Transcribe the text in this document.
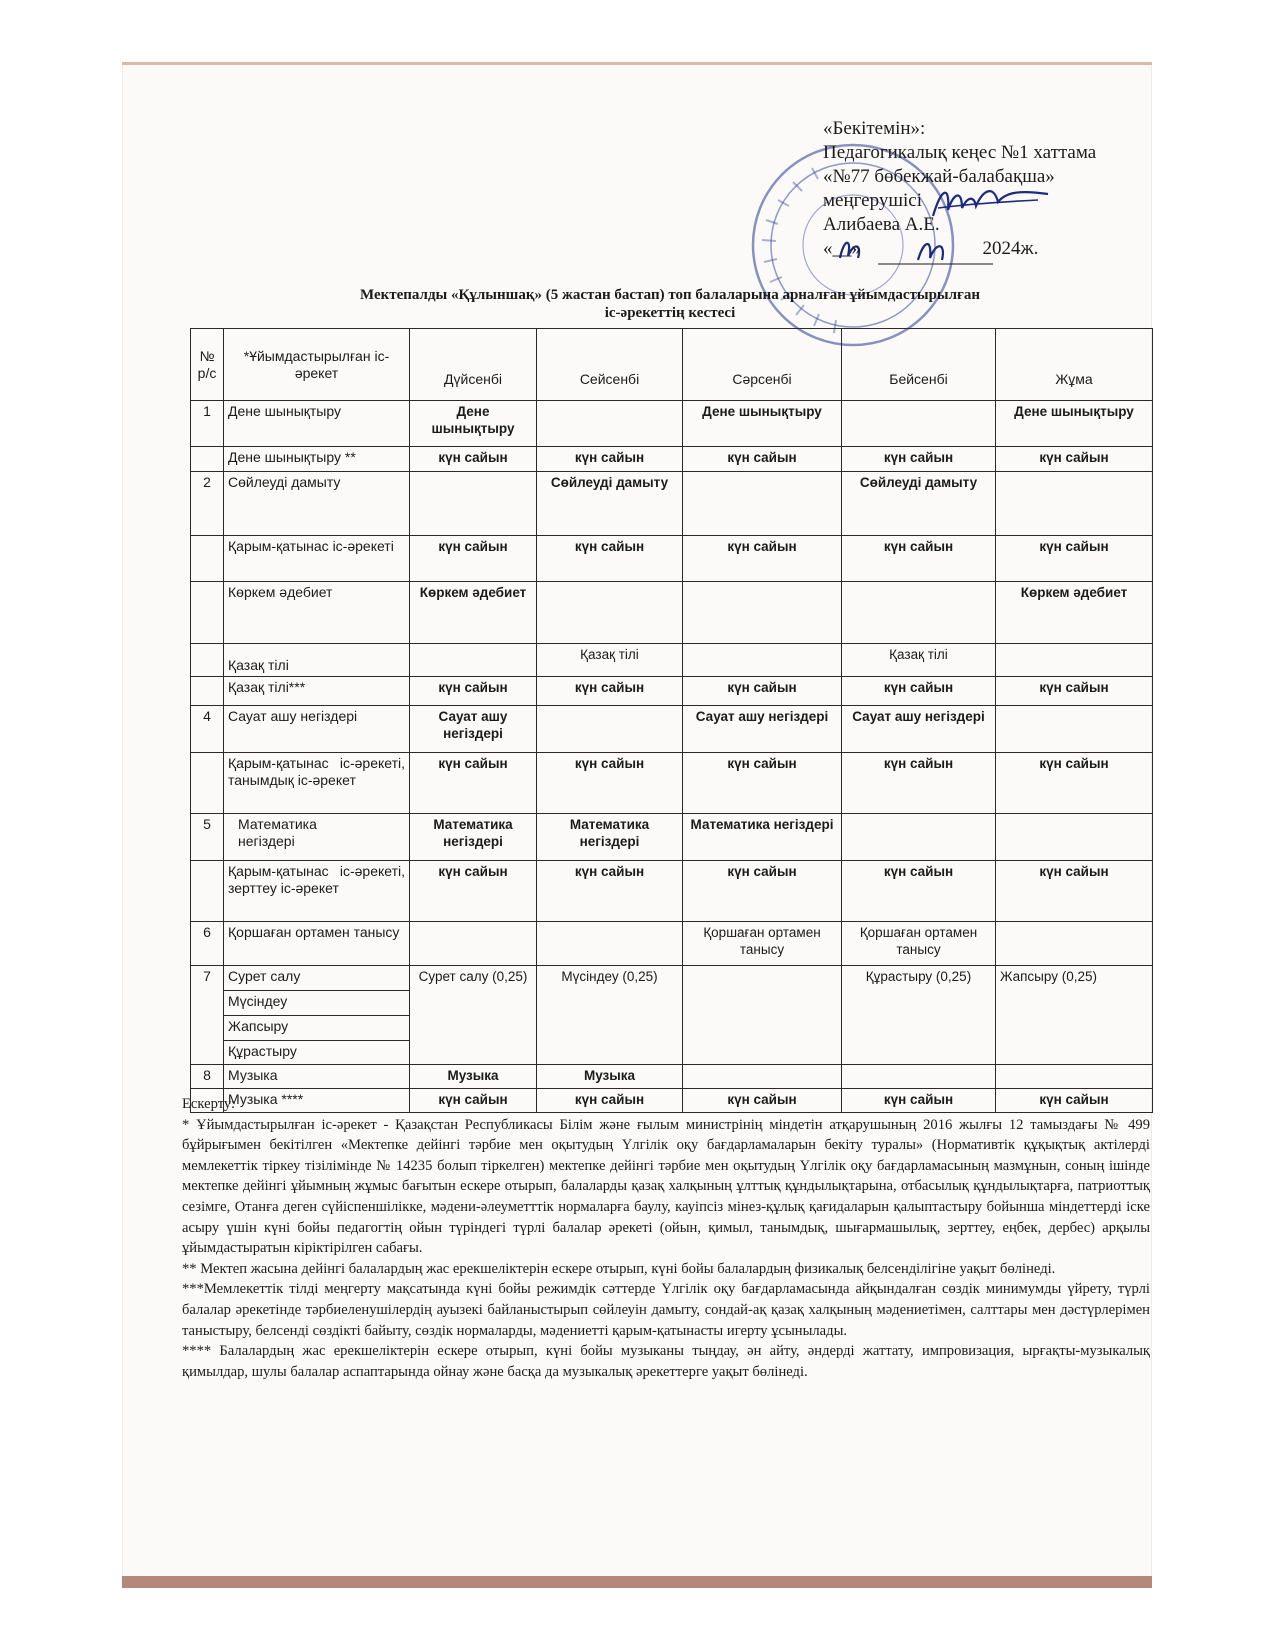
«Бекітемін»:
Педагогикалық кеңес №1 хаттама
«№77 бөбекжай-балабақша»
меңгерушісі
Алибаева А.Е.
«__»	2024ж.
Мектепалды «Құлыншақ» (5 жастан бастап) топ балаларына арналған ұйымдастырылған
іс-әрекеттің кестесі
№ р/с	*Ұйымдастырылған іс-әрекет	Дүйсенбі	Сейсенбі	Сәрсенбі	Бейсенбі	Жұма
1	Дене шынықтыру	Дене шынықтыру		Дене шынықтыру		Дене шынықтыру
	Дене шынықтыру **	күн сайын	күн сайын	күн сайын	күн сайын	күн сайын
2	Сөйлеуді дамыту		Сөйлеуді дамыту		Сөйлеуді дамыту	
	Қарым-қатынас іс-әрекеті	күн сайын	күн сайын	күн сайын	күн сайын	күн сайын
	Көркем әдебиет	Көркем әдебиет				Көркем әдебиет
	Қазақ тілі		Қазақ тілі		Қазақ тілі	
	Қазақ тілі***	күн сайын	күн сайын	күн сайын	күн сайын	күн сайын
4	Сауат ашу негіздері	Сауат ашу негіздері		Сауат ашу негіздері	Сауат ашу негіздері	
	Қарым-қатынас іс-әрекеті, танымдық іс-әрекет	күн сайын	күн сайын	күн сайын	күн сайын	күн сайын
5	Математика негіздері	Математика негіздері	Математика негіздері	Математика негіздері		
	Қарым-қатынас іс-әрекеті, зерттеу іс-әрекет	күн сайын	күн сайын	күн сайын	күн сайын	күн сайын
6	Қоршаған ортамен танысу			Қоршаған ортамен танысу	Қоршаған ортамен танысу	
7	Сурет салу	Сурет салу (0,25)	Мүсіндеу (0,25)		Құрастыру (0,25)	Жапсыру (0,25)
	Мүсіндеу					
	Жапсыру					
	Құрастыру					
8	Музыка	Музыка	Музыка			
	Музыка ****	күн сайын	күн сайын	күн сайын	күн сайын	күн сайын

Ескерту:

* Ұйымдастырылған іс-әрекет - Қазақстан Республикасы Білім және ғылым министрінің міндетін атқарушының 2016 жылғы 12 тамыздағы № 499 бұйрығымен бекітілген «Мектепке дейінгі тәрбие мен оқытудың Үлгілік оқу бағдарламаларын бекіту туралы» (Нормативтік құқықтық актілерді мемлекеттік тіркеу тізілімінде № 14235 болып тіркелген) мектепке дейінгі тәрбие мен оқытудың Үлгілік оқу бағдарламасының мазмұнын, соның ішінде мектепке дейінгі ұйымның жұмыс бағытын ескере отырып, балаларды қазақ халқының ұлттық құндылықтарына, отбасылық құндылықтарға, патриоттық сезімге, Отанға деген сүйіспеншілікке, мәдени-әлеуметттік нормаларға баулу, кауіпсіз мінез-құлық қағидаларын қалыптастыру бойынша міндеттерді іске асыру үшін күні бойы педагогтің ойын түріндегі түрлі балалар әрекеті (ойын, қимыл, танымдық, шығармашылық, зерттеу, еңбек, дербес) арқылы ұйымдастыратын кіріктірілген сабағы.

** Мектеп жасына дейінгі балалардың жас ерекшеліктерін ескере отырып, күні бойы балалардың физикалық белсенділігіне уақыт бөлінеді.

***Мемлекеттік тілді меңгерту мақсатында күні бойы режимдік сәттерде Үлгілік оқу бағдарламасында айқындалған сөздік минимумды үйрету, түрлі балалар әрекетінде тәрбиеленушілердің ауызекі байланыстырып сөйлеуін дамыту, сондай-ақ қазақ халқының мәдениетімен, салттары мен дәстүрлерімен таныстыру, белсенді сөздікті байыту, сөздік нормаларды, мәдениетті қарым-қатынасты игерту ұсынылады.

**** Балалардың жас ерекшеліктерін ескере отырып, күні бойы музыканы тыңдау, ән айту, әндерді жаттату, импровизация, ырғақты-музыкалық қимылдар, шулы балалар аспаптарында ойнау және басқа да музыкалық әрекеттерге уақыт бөлінеді.
